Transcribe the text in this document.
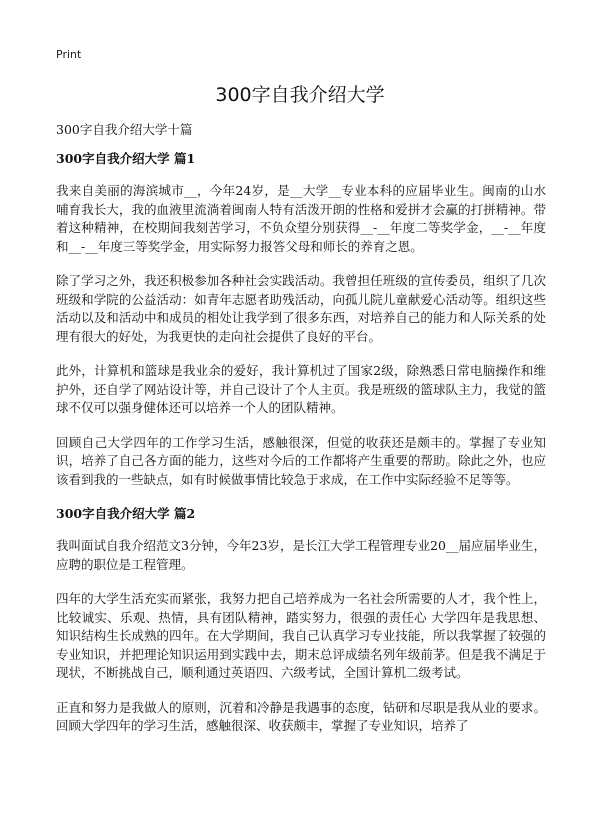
Print
300字自我介绍大学

300字自我介绍大学十篇

300字自我介绍大学 篇1

我来自美丽的海滨城市__，今年24岁，是__大学__专业本科的应届毕业生。闽南的山水哺育我长大，我的血液里流淌着闽南人特有活泼开朗的性格和爱拼才会赢的打拼精神。带着这种精神，在校期间我刻苦学习，不负众望分别获得__-__年度二等奖学金，__-__年度和__-__年度三等奖学金，用实际努力报答父母和师长的养育之恩。

除了学习之外，我还积极参加各种社会实践活动。我曾担任班级的宣传委员，组织了几次班级和学院的公益活动：如青年志愿者助残活动，向孤儿院儿童献爱心活动等。组织这些活动以及和活动中和成员的相处让我学到了很多东西，对培养自己的能力和人际关系的处理有很大的好处，为我更快的走向社会提供了良好的平台。

此外，计算机和篮球是我业余的爱好，我计算机过了国家2级，除熟悉日常电脑操作和维护外，还自学了网站设计等，并自己设计了个人主页。我是班级的篮球队主力，我觉的篮球不仅可以强身健体还可以培养一个人的团队精神。

回顾自己大学四年的工作学习生活，感触很深，但觉的收获还是颇丰的。掌握了专业知识，培养了自己各方面的能力，这些对今后的工作都将产生重要的帮助。除此之外，也应该看到我的一些缺点，如有时候做事情比较急于求成，在工作中实际经验不足等等。

300字自我介绍大学 篇2

我叫面试自我介绍范文3分钟，今年23岁，是长江大学工程管理专业20__届应届毕业生，应聘的职位是工程管理。

四年的大学生活充实而紧张，我努力把自己培养成为一名社会所需要的人才，我个性上，比较诚实、乐观、热情，具有团队精神，踏实努力，很强的责任心 大学四年是我思想、知识结构生长成熟的四年。在大学期间，我自己认真学习专业技能，所以我掌握了较强的专业知识，并把理论知识运用到实践中去，期末总评成绩名列年级前茅。但是我不满足于现状，不断挑战自己，顺利通过英语四、六级考试，全国计算机二级考试。

正直和努力是我做人的原则，沉着和冷静是我遇事的态度，钻研和尽职是我从业的要求。回顾大学四年的学习生活，感触很深、收获颇丰，掌握了专业知识，培养了
